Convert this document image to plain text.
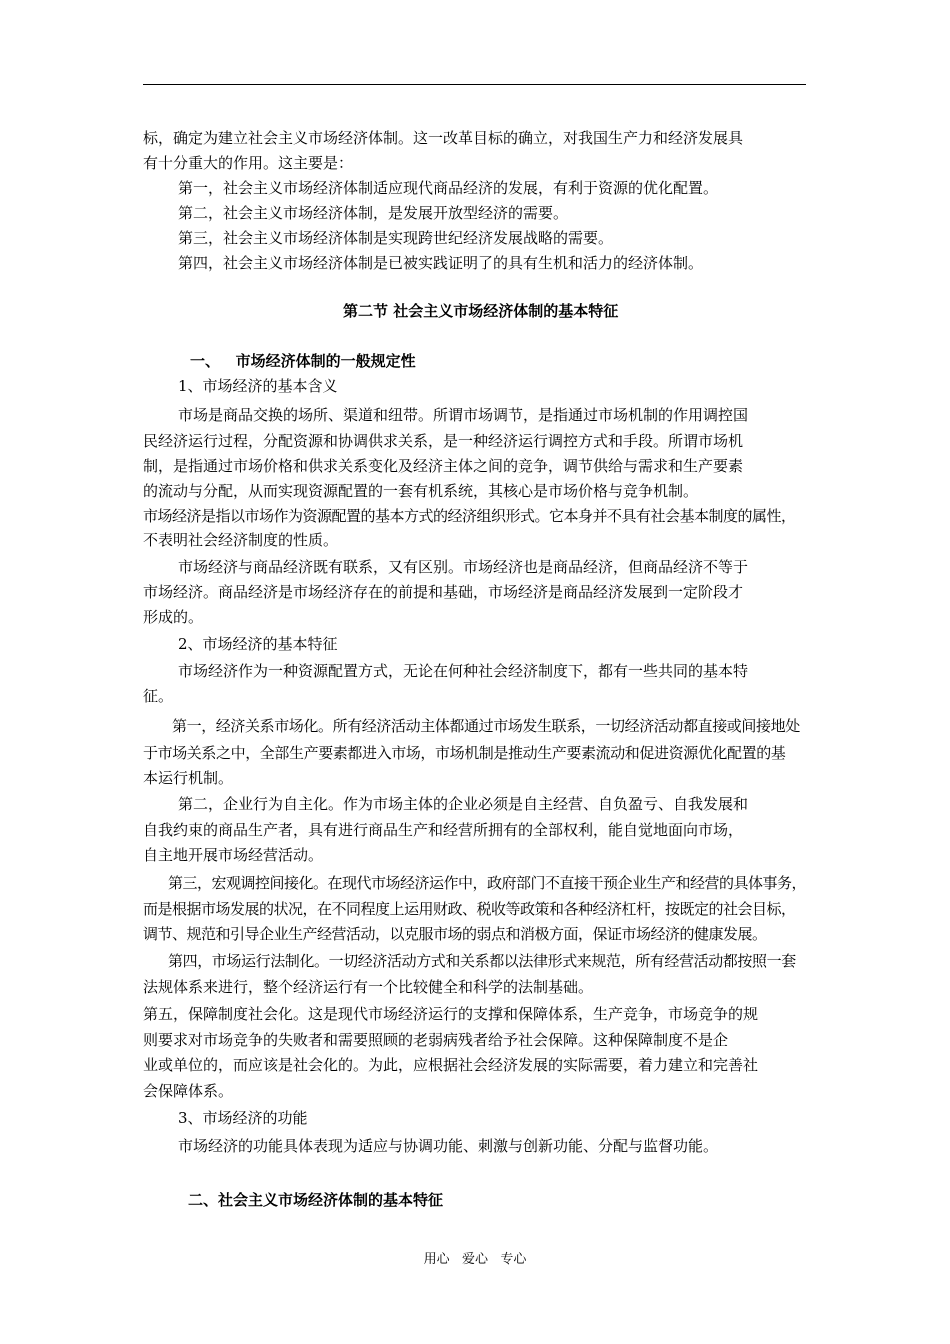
标，确定为建立社会主义市场经济体制。这一改革目标的确立，对我国生产力和经济发展具
有十分重大的作用。这主要是：
第一，社会主义市场经济体制适应现代商品经济的发展，有利于资源的优化配置。
第二，社会主义市场经济体制，是发展开放型经济的需要。
第三，社会主义市场经济体制是实现跨世纪经济发展战略的需要。
第四，社会主义市场经济体制是已被实践证明了的具有生机和活力的经济体制。
第二节 社会主义市场经济体制的基本特征
一、   市场经济体制的一般规定性
1、市场经济的基本含义
市场是商品交换的场所、渠道和纽带。所谓市场调节，是指通过市场机制的作用调控国
民经济运行过程，分配资源和协调供求关系，是一种经济运行调控方式和手段。所谓市场机
制，是指通过市场价格和供求关系变化及经济主体之间的竞争，调节供给与需求和生产要素
的流动与分配，从而实现资源配置的一套有机系统，其核心是市场价格与竞争机制。
市场经济是指以市场作为资源配置的基本方式的经济组织形式。它本身并不具有社会基本制度的属性，
不表明社会经济制度的性质。
市场经济与商品经济既有联系，又有区别。市场经济也是商品经济，但商品经济不等于
市场经济。商品经济是市场经济存在的前提和基础，市场经济是商品经济发展到一定阶段才
形成的。
2、市场经济的基本特征
市场经济作为一种资源配置方式，无论在何种社会经济制度下，都有一些共同的基本特
征。
第一，经济关系市场化。所有经济活动主体都通过市场发生联系，一切经济活动都直接或间接地处
于市场关系之中，全部生产要素都进入市场，市场机制是推动生产要素流动和促进资源优化配置的基
本运行机制。
第二，企业行为自主化。作为市场主体的企业必须是自主经营、自负盈亏、自我发展和
自我约束的商品生产者，具有进行商品生产和经营所拥有的全部权利，能自觉地面向市场，
自主地开展市场经营活动。
第三，宏观调控间接化。在现代市场经济运作中，政府部门不直接干预企业生产和经营的具体事务，
而是根据市场发展的状况，在不同程度上运用财政、税收等政策和各种经济杠杆，按既定的社会目标，
调节、规范和引导企业生产经营活动，以克服市场的弱点和消极方面，保证市场经济的健康发展。
第四，市场运行法制化。一切经济活动方式和关系都以法律形式来规范，所有经营活动都按照一套
法规体系来进行，整个经济运行有一个比较健全和科学的法制基础。
第五，保障制度社会化。这是现代市场经济运行的支撑和保障体系，生产竞争，市场竞争的规
则要求对市场竞争的失败者和需要照顾的老弱病残者给予社会保障。这种保障制度不是企
业或单位的，而应该是社会化的。为此，应根据社会经济发展的实际需要，着力建立和完善社
会保障体系。
3、市场经济的功能
市场经济的功能具体表现为适应与协调功能、刺激与创新功能、分配与监督功能。
二、社会主义市场经济体制的基本特征
用心   爱心   专心
